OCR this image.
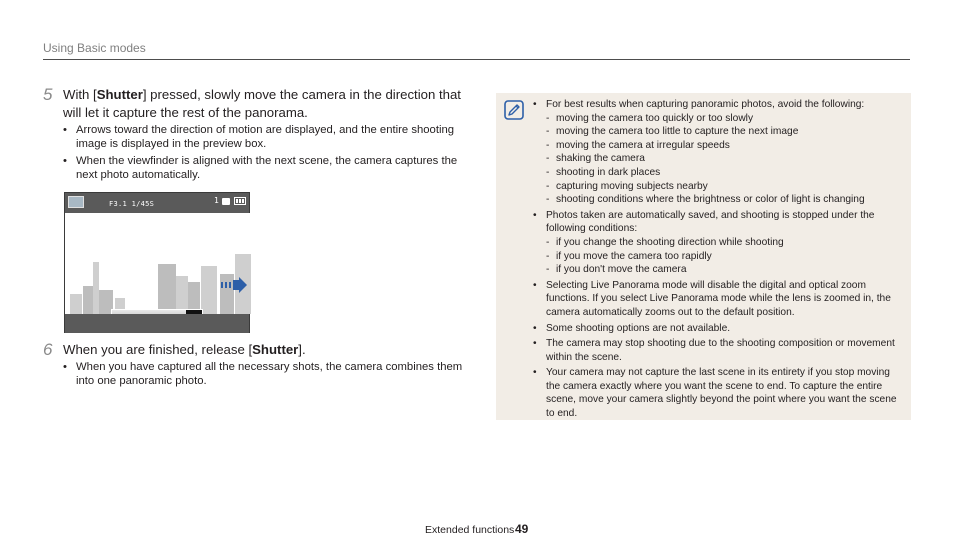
Using Basic modes
5 With [Shutter] pressed, slowly move the camera in the direction that will let it capture the rest of the panorama.
• Arrows toward the direction of motion are displayed, and the entire shooting image is displayed in the preview box.
• When the viewfinder is aligned with the next scene, the camera captures the next photo automatically.
F3.1 1/45S	1
6 When you are finished, release [Shutter].
• When you have captured all the necessary shots, the camera combines them into one panoramic photo.
• For best results when capturing panoramic photos, avoid the following:
- moving the camera too quickly or too slowly
- moving the camera too little to capture the next image
- moving the camera at irregular speeds
- shaking the camera
- shooting in dark places
- capturing moving subjects nearby
- shooting conditions where the brightness or color of light is changing
• Photos taken are automatically saved, and shooting is stopped under the following conditions:
- if you change the shooting direction while shooting
- if you move the camera too rapidly
- if you don't move the camera
• Selecting Live Panorama mode will disable the digital and optical zoom functions. If you select Live Panorama mode while the lens is zoomed in, the camera automatically zooms out to the default position.
• Some shooting options are not available.
• The camera may stop shooting due to the shooting composition or movement within the scene.
• Your camera may not capture the last scene in its entirety if you stop moving the camera exactly where you want the scene to end. To capture the entire scene, move your camera slightly beyond the point where you want the scene to end.
Extended functions 49
